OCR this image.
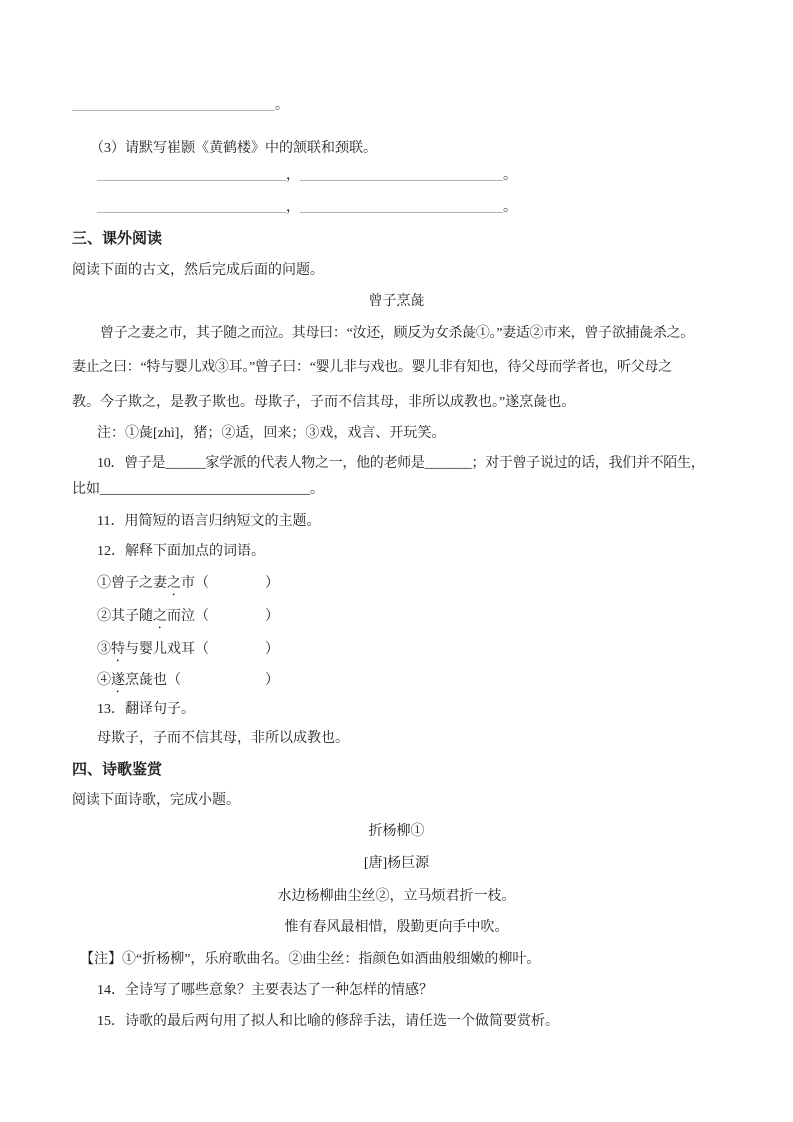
_____________________________。
（3）请默写崔颢《黄鹤楼》中的颔联和颈联。
___________________________，_____________________________。
___________________________，_____________________________。
三、课外阅读
阅读下面的古文，然后完成后面的问题。
曾子烹彘
曾子之妻之市，其子随之而泣。其母曰：“汝还，顾反为女杀彘①。”妻适②市来，曾子欲捕彘杀之。
妻止之曰：“特与婴儿戏③耳。”曾子曰：“婴儿非与戏也。婴儿非有知也，待父母而学者也，听父母之
教。今子欺之，是教子欺也。母欺子，子而不信其母，非所以成教也。”遂烹彘也。
注：①彘[zhì]，猪；②适，回来；③戏，戏言、开玩笑。
10．曾子是______家学派的代表人物之一，他的老师是_______；对于曾子说过的话，我们并不陌生，
比如______________________________。
11．用简短的语言归纳短文的主题。
12．解释下面加点的词语。
①曾子之妻之市（　　　　）
②其子随之而泣（　　　　）
③特与婴儿戏耳（　　　　）
④遂烹彘也（　　　　　　）
13．翻译句子。
母欺子，子而不信其母，非所以成教也。
四、诗歌鉴赏
阅读下面诗歌，完成小题。
折杨柳①
[唐]杨巨源
水边杨柳曲尘丝②，立马烦君折一枝。
惟有春风最相惜，殷勤更向手中吹。
【注】①“折杨柳”，乐府歌曲名。②曲尘丝：指颜色如酒曲般细嫩的柳叶。
14．全诗写了哪些意象？主要表达了一种怎样的情感？
15．诗歌的最后两句用了拟人和比喻的修辞手法，请任选一个做简要赏析。
